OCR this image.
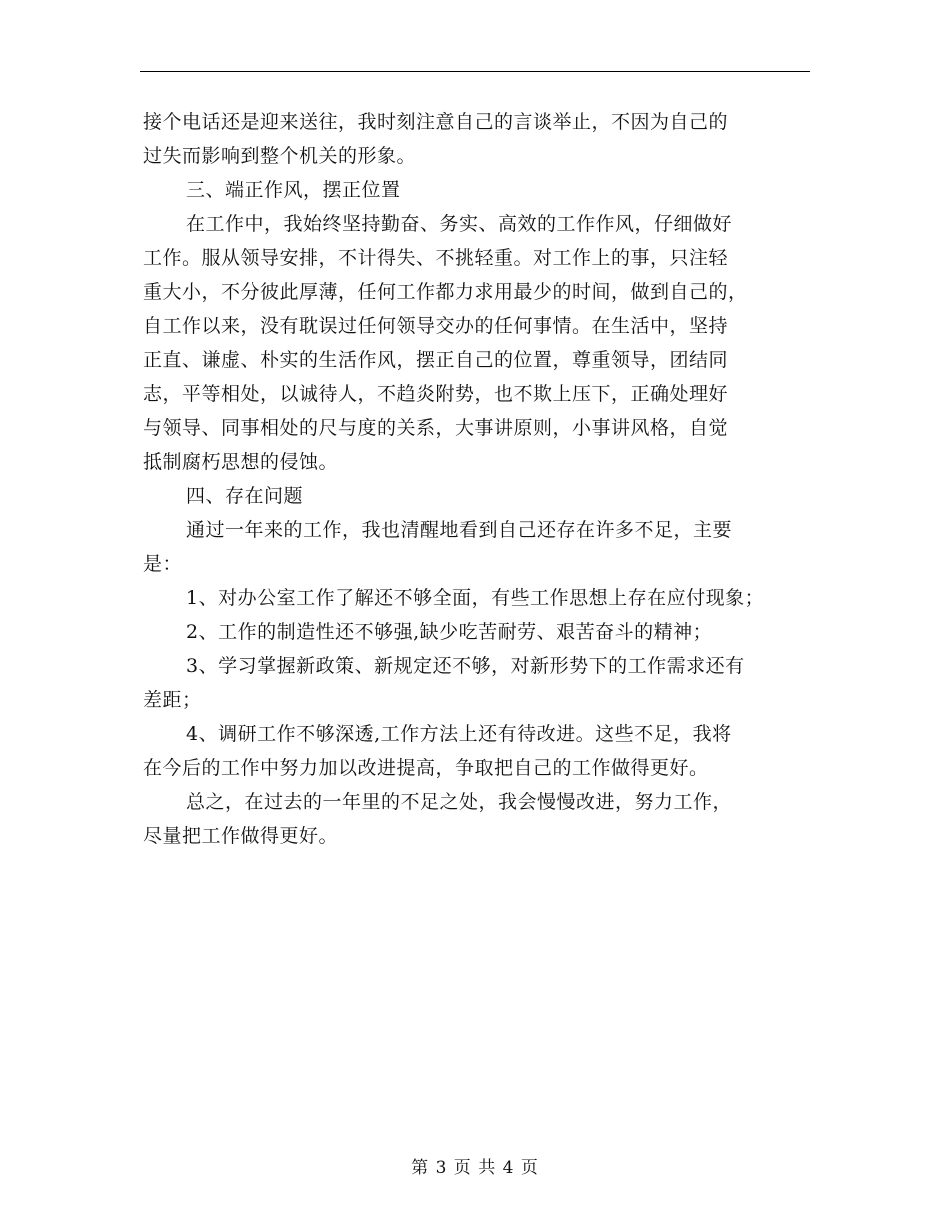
接个电话还是迎来送往，我时刻注意自己的言谈举止，不因为自己的
过失而影响到整个机关的形象。
三、端正作风，摆正位置
在工作中，我始终坚持勤奋、务实、高效的工作作风，仔细做好
工作。服从领导安排，不计得失、不挑轻重。对工作上的事，只注轻
重大小，不分彼此厚薄，任何工作都力求用最少的时间，做到自己的，
自工作以来，没有耽误过任何领导交办的任何事情。在生活中，坚持
正直、谦虚、朴实的生活作风，摆正自己的位置，尊重领导，团结同
志，平等相处，以诚待人，不趋炎附势，也不欺上压下，正确处理好
与领导、同事相处的尺与度的关系，大事讲原则，小事讲风格，自觉
抵制腐朽思想的侵蚀。
四、存在问题
通过一年来的工作，我也清醒地看到自己还存在许多不足，主要
是：
1、对办公室工作了解还不够全面，有些工作思想上存在应付现象；
2、工作的制造性还不够强,缺少吃苦耐劳、艰苦奋斗的精神；
3、学习掌握新政策、新规定还不够，对新形势下的工作需求还有
差距；
4、调研工作不够深透,工作方法上还有待改进。这些不足，我将
在今后的工作中努力加以改进提高，争取把自己的工作做得更好。
总之，在过去的一年里的不足之处，我会慢慢改进，努力工作，
尽量把工作做得更好。
第 3 页 共 4 页
